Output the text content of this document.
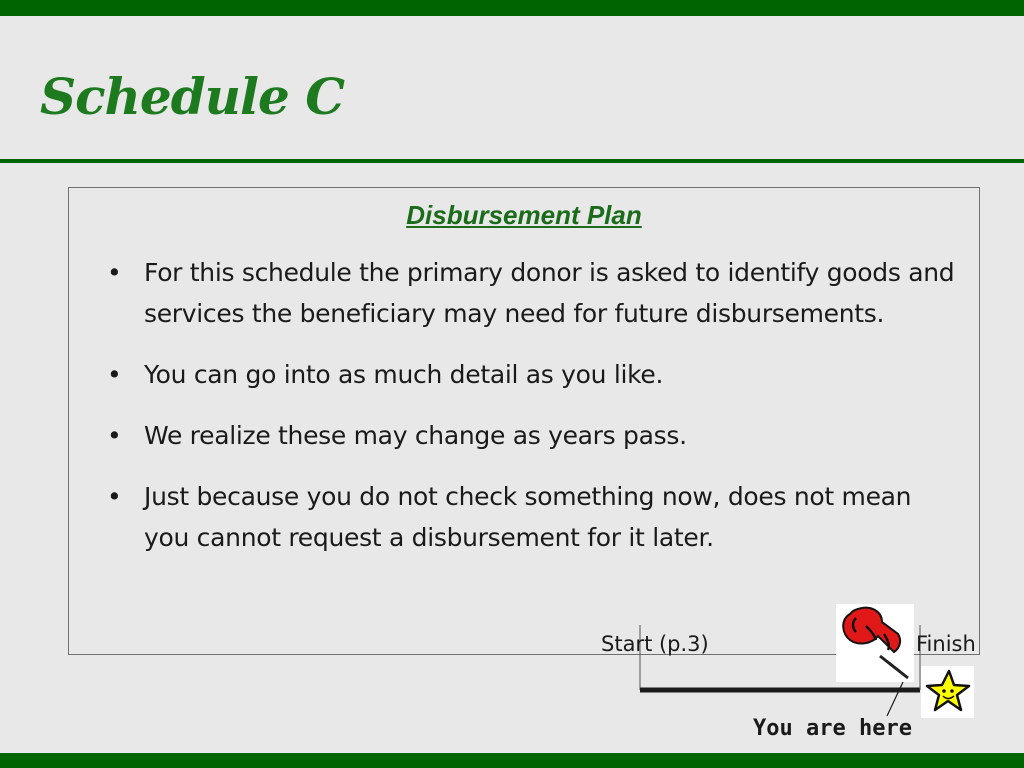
Schedule C
Disbursement Plan
• For this schedule the primary donor is asked to identify goods and services the beneficiary may need for future disbursements.
• You can go into as much detail as you like.
• We realize these may change as years pass.
• Just because you do not check something now, does not mean you cannot request a disbursement for it later.
Start (p.3)	Finish
You are here
